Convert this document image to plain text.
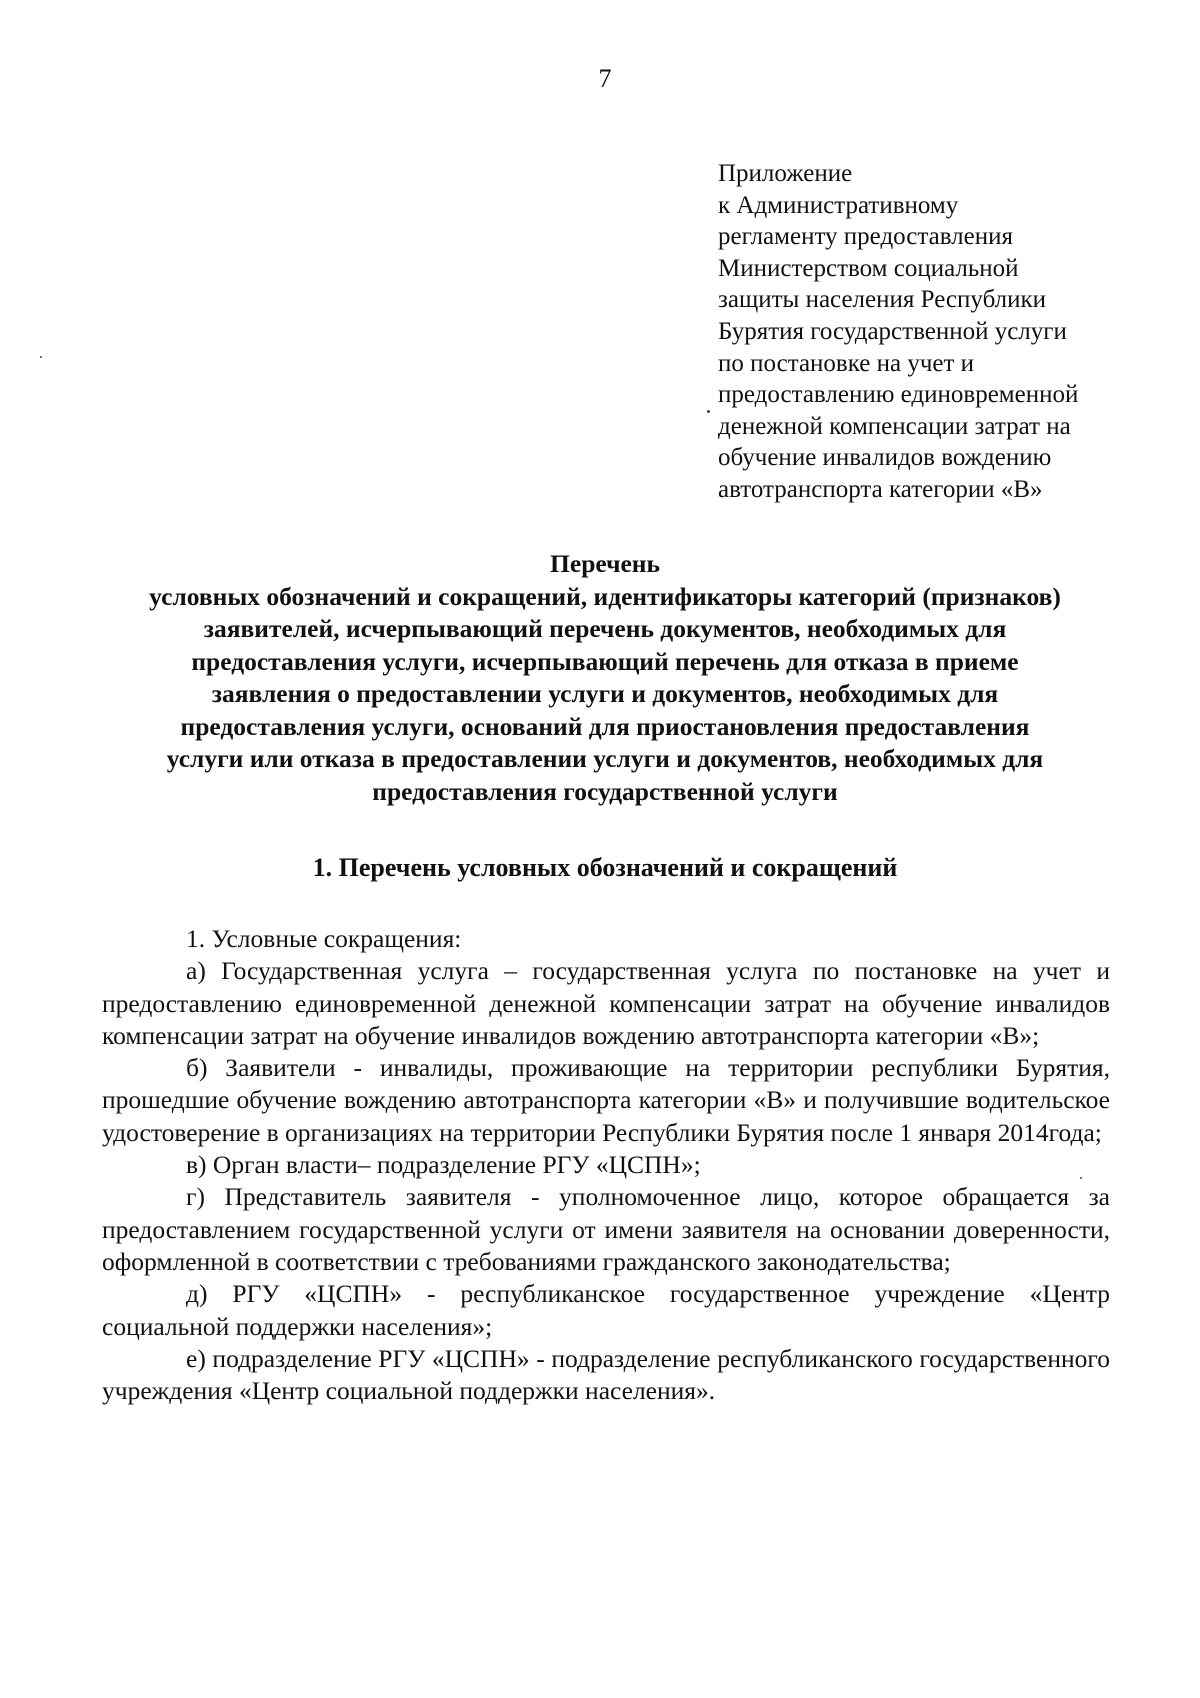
7
Приложение
к Административному
регламенту предоставления
Министерством социальной
защиты населения Республики
Бурятия государственной услуги
по постановке на учет и
предоставлению единовременной
денежной компенсации затрат на
обучение инвалидов вождению
автотранспорта категории «В»
Перечень
условных обозначений и сокращений, идентификаторы категорий (признаков)
заявителей, исчерпывающий перечень документов, необходимых для
предоставления услуги, исчерпывающий перечень для отказа в приеме
заявления о предоставлении услуги и документов, необходимых для
предоставления услуги, оснований для приостановления предоставления
услуги или отказа в предоставлении услуги и документов, необходимых для
предоставления государственной услуги
1. Перечень условных обозначений и сокращений

1. Условные сокращения:

а) Государственная услуга – государственная услуга по постановке на учет и предоставлению единовременной денежной компенсации затрат на обучение инвалидов компенсации затрат на обучение инвалидов вождению автотранспорта категории «В»;

б) Заявители - инвалиды, проживающие на территории республики Бурятия, прошедшие обучение вождению автотранспорта категории «В» и получившие водительское удостоверение в организациях на территории Республики Бурятия после 1 января 2014года;

в) Орган власти– подразделение РГУ «ЦСПН»;

г) Представитель заявителя - уполномоченное лицо, которое обращается за предоставлением государственной услуги от имени заявителя на основании доверенности, оформленной в соответствии с требованиями гражданского законодательства;

д) РГУ «ЦСПН» - республиканское государственное учреждение «Центр социальной поддержки населения»;

е) подразделение РГУ «ЦСПН» - подразделение республиканского государственного учреждения «Центр социальной поддержки населения».
